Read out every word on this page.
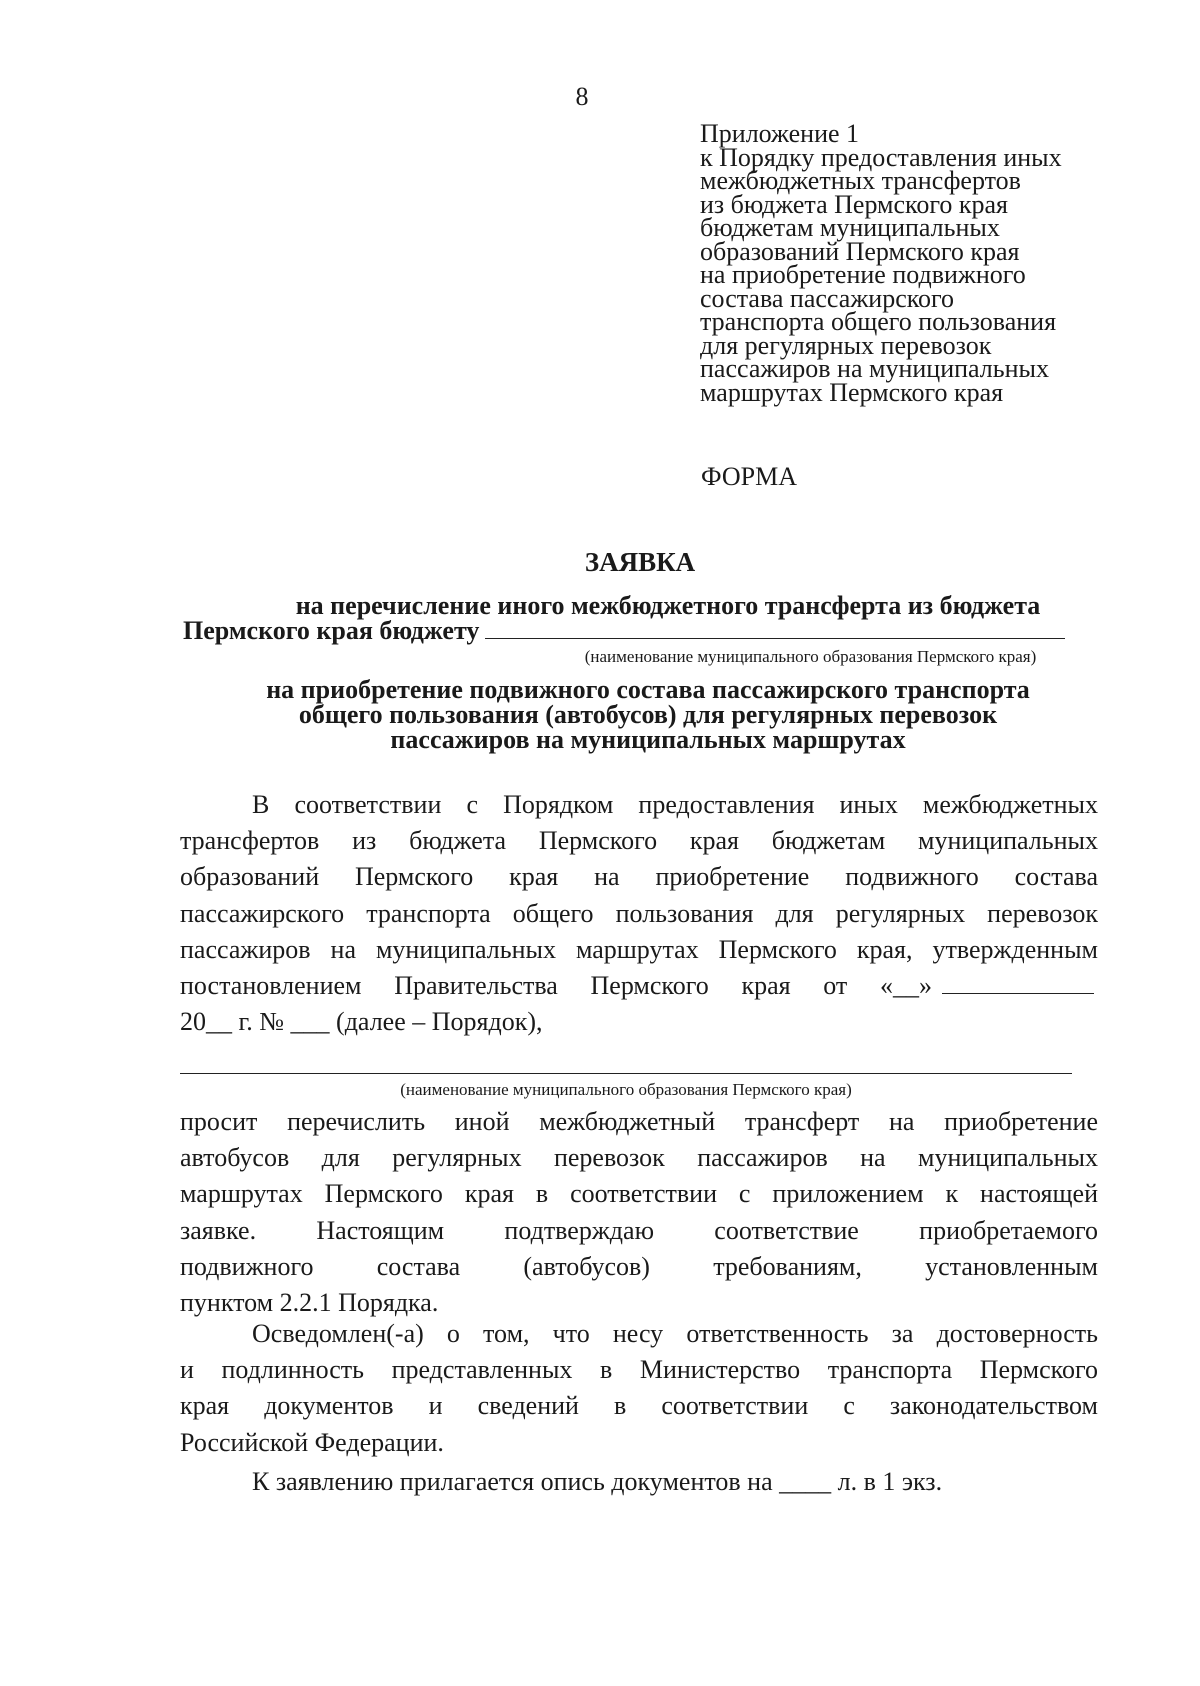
8
Приложение 1
к Порядку предоставления иных
межбюджетных трансфертов
из бюджета Пермского края
бюджетам муниципальных
образований Пермского края
на приобретение подвижного
состава пассажирского
транспорта общего пользования
для регулярных перевозок
пассажиров на муниципальных
маршрутах Пермского края
ФОРМА
ЗАЯВКА
на перечисление иного межбюджетного трансферта из бюджета
Пермского края бюджету
(наименование муниципального образования Пермского края)
на приобретение подвижного состава пассажирского транспорта
общего пользования (автобусов) для регулярных перевозок
пассажиров на муниципальных маршрутах
В соответствии с Порядком предоставления иных межбюджетных
трансфертов из бюджета Пермского края бюджетам муниципальных
образований Пермского края на приобретение подвижного состава
пассажирского транспорта общего пользования для регулярных перевозок
пассажиров на муниципальных маршрутах Пермского края, утвержденным
постановлением Правительства Пермского края от «__»
20__ г. № ___ (далее – Порядок),
(наименование муниципального образования Пермского края)
просит перечислить иной межбюджетный трансферт на приобретение
автобусов для регулярных перевозок пассажиров на муниципальных
маршрутах Пермского края в соответствии с приложением к настоящей
заявке. Настоящим подтверждаю соответствие приобретаемого
подвижного состава (автобусов) требованиям, установленным
пунктом 2.2.1 Порядка.
Осведомлен(-а) о том, что несу ответственность за достоверность
и подлинность представленных в Министерство транспорта Пермского
края документов и сведений в соответствии с законодательством
Российской Федерации.
К заявлению прилагается опись документов на ____ л. в 1 экз.
